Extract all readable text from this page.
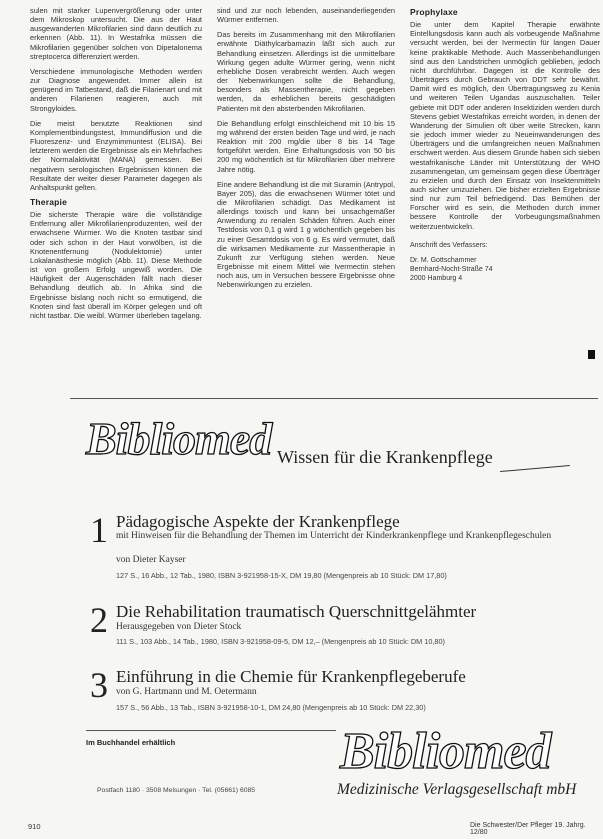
sulen mit starker Lupenvergrößerung oder unter dem Mikroskop untersucht. Die aus der Haut ausgewanderten Mikrofilarien sind dann deutlich zu erkennen (Abb. 11). In Westafrika müssen die Mikrofilarien gegenüber solchen von Dipetalonema streptocerca differenziert werden.

Verschiedene immunologische Methoden werden zur Diagnose angewendet. Immer allein ist genügend im Tatbestand, daß die Filarienart und mit anderen Filarienen reagieren, auch mit Strongyloides.

Die meist benutzte Reaktionen sind Komplementbindungstest, Immundiffusion und die Fluoreszenz- und Enzymimmuntest (ELISA). Bei letzterem werden die Ergebnisse als ein Mehrfaches der Normalaktivität (MANA) gemessen. Bei negativem serologischen Ergebnissen können die Resultate der weiter dieser Parameter dagegen als Anhaltspunkt gelten.

Therapie

Die sicherste Therapie wäre die vollständige Entfernung aller Mikrofilarienproduzenten, weil der erwachsene Wurmer. Wo die Knoten tastbar sind oder sich schon in der Haut vorwölben, ist die Knotenentfernung (Nodulektomie) unter Lokalanästhesie möglich (Abb. 11). Diese Methode ist von großem Erfolg ungewiß worden. Die Häufigkeit der Augenschäden fällt nach dieser Behandlung deutlich ab. In Afrika sind die Ergebnisse bislang noch nicht so ermutigend, die Knoten sind fast überall im Körper gelegen und oft nicht tastbar. Die weibl. Würmer überleben tagelang.

sind und zur noch lebenden, auseinanderliegenden Würmer entfernen.

Das bereits im Zusammenhang mit den Mikrofilarien erwähnte Diäthylcarbamazin läßt sich auch zur Behandlung einsetzen. Allerdings ist die unmittelbare Wirkung gegen adulte Würmer gering, wenn nicht erhebliche Dosen verabreicht werden. Auch wegen der Nebenwirkungen sollte die Behandlung, besonders als Massentherapie, nicht gegeben werden, da erheblichen bereits geschädigten Patienten mit den absterbenden Mikrofilarien.

Die Behandlung erfolgt einschleichend mit 10 bis 15 mg während der ersten beiden Tage und wird, je nach Reaktion mit 200 mg/die über 8 bis 14 Tage fortgeführt werden. Eine Erhaltungsdosis von 50 bis 200 mg wöchentlich ist für Mikrofilarien über mehrere Jahre nötig.

Eine andere Behandlung ist die mit Suramin (Antrypol, Bayer 205), das die erwachsenen Würmer tötet und die Mikrofilarien schädigt. Das Medikament ist allerdings toxisch und kann bei unsachgemäßer Anwendung zu renalen Schäden führen. Auch einer Testdosis von 0,1 g wird 1 g wöchentlich gegeben bis zu einer Gesamtdosis von 6 g. Es wird vermutet, daß die wirksamen Medikamente zur Massentherapie in Zukunft zur Verfügung stehen werden. Neue Ergebnisse mit einem Mittel wie Ivermectin stehen noch aus, um in Versuchen bessere Ergebnisse ohne Nebenwirkungen zu erzielen.

Prophylaxe

Die unter dem Kapitel Therapie erwähnte Eintellungsdosis kann auch als vorbeugende Maßnahme versucht werden, bei der Ivermectin für langen Dauer keine praktikable Methode. Auch Massenbehandlungen sind aus den Landstrichen unmöglich geblieben, jedoch nicht durchführbar. Dagegen ist die Kontrolle des Überträgers durch Gebrauch von DDT sehr bewährt. Damit wird es möglich, den Übertragungsweg zu Kenia und weiteren Teilen Ugandas auszuschalten. Teiler gebiete mit DDT oder anderen Insektiziden werden durch Stevens gebiet Westafrikas erreicht worden, in denen der Wanderung der Simulien oft über weite Strecken, kann sie jedoch immer wieder zu Neueinwanderungen des Überträgers und die umfangreichen neuen Maßnahmen erschwert werden. Aus diesem Grunde haben sich sieben westafrikanische Länder mit Unterstützung der WHO zusammengetan, um gemeinsam gegen diese Überträger zu erzielen und durch den Einsatz von Insektenmitteln auch sicher umzuziehen. Die bisher erzielten Ergebnisse sind nur zum Teil befriedigend. Das Bemühen der Forscher wird es sein, die Methoden durch immer bessere Kontrolle der Vorbeugungsmaßnahmen weiterzuentwickeln.

Anschrift des Verfassers:
Dr. M. Gottschammer
Bernhard-Nocht-Straße 74
2000 Hamburg 4
Bibliomed Wissen für die Krankenpflege
1 Pädagogische Aspekte der Krankenpflege
mit Hinweisen für die Behandlung der Themen im Unterricht der Kinderkrankenpflege und Krankenpflegeschulen
von Dieter Kayser
127 S., 16 Abb., 12 Tab., 1980, ISBN 3-921958-15-X, DM 19,80 (Mengenpreis ab 10 Stück: DM 17,80)
2 Die Rehabilitation traumatisch Querschnittgelähmter
Herausgegeben von Dieter Stock
111 S., 103 Abb., 14 Tab., 1980, ISBN 3-921958-09-5, DM 12,– (Mengenpreis ab 10 Stück: DM 10,80)
3 Einführung in die Chemie für Krankenpflegeberufe
von G. Hartmann und M. Oetermann
157 S., 56 Abb., 13 Tab., ISBN 3-921958-10-1, DM 24,80 (Mengenpreis ab 10 Stück: DM 22,30)
Im Buchhandel erhältlich	Bibliomed
Medizinische Verlagsgesellschaft mbH
Postfach 1180 · 3508 Melsungen · Tel. (05661) 6085
910	Die Schwester/Der Pfleger 19. Jahrg. 12/80
